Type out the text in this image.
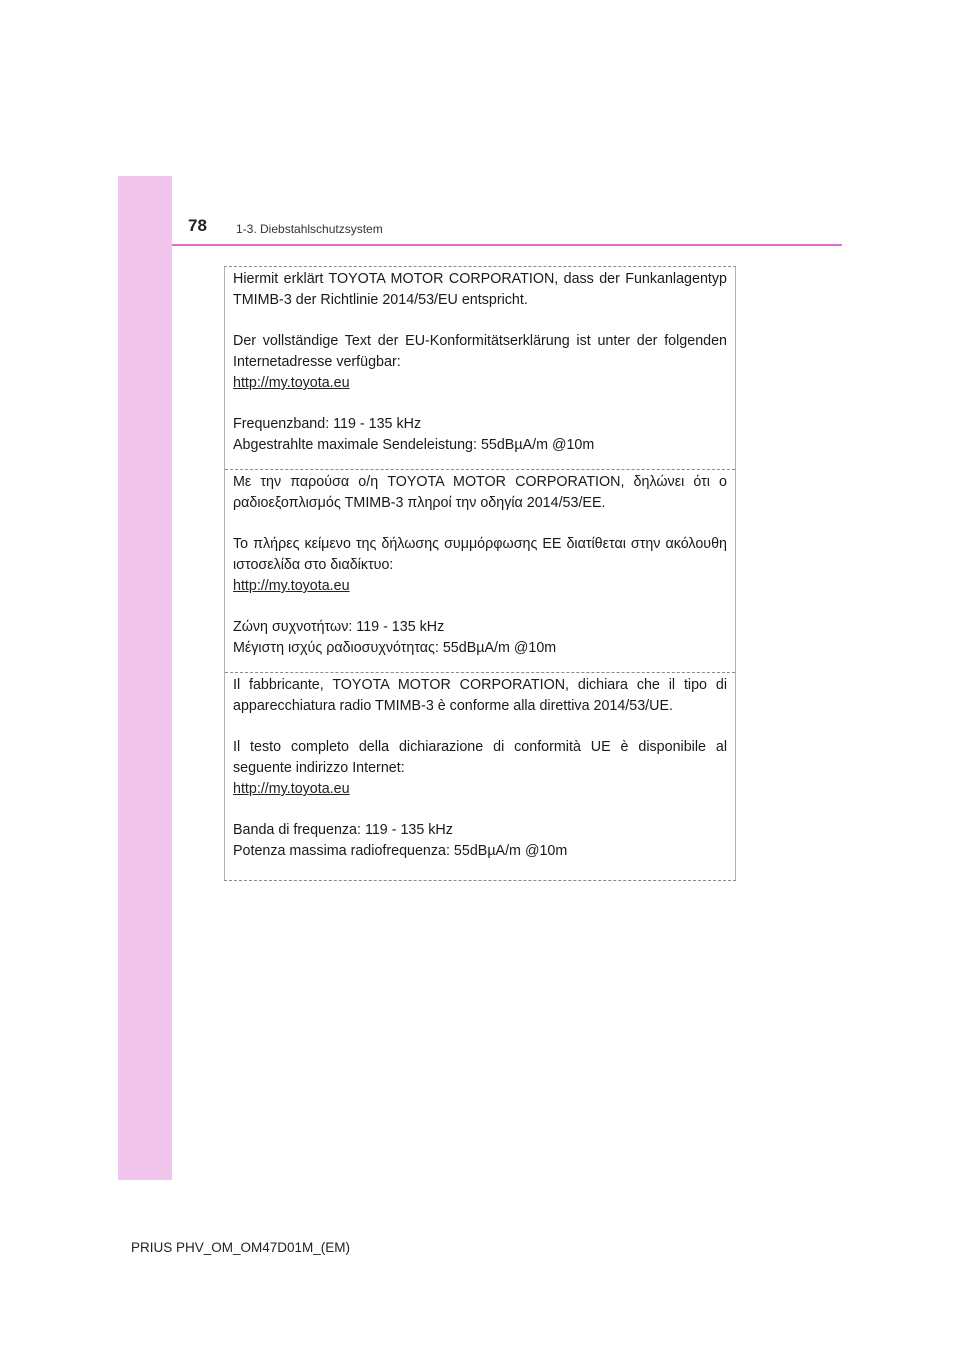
78 1-3. Diebstahlschutzsystem

Hiermit erklärt TOYOTA MOTOR CORPORATION, dass der Funkanlagentyp TMIMB-3 der Richtlinie 2014/53/EU entspricht.

Der vollständige Text der EU-Konformitätserklärung ist unter der folgenden Internetadresse verfügbar:

http://my.toyota.eu

Frequenzband: 119 - 135 kHz

Abgestrahlte maximale Sendeleistung: 55dBµA/m @10m

Με την παρούσα ο/η TOYOTA MOTOR CORPORATION, δηλώνει ότι ο ραδιοεξοπλισμός TMIMB-3 πληροί την οδηγία 2014/53/ΕΕ.

Το πλήρες κείμενο της δήλωσης συμμόρφωσης ΕΕ διατίθεται στην ακόλουθη ιστοσελίδα στο διαδίκτυο:

http://my.toyota.eu

Ζώνη συχνοτήτων: 119 - 135 kHz

Μέγιστη ισχύς ραδιοσυχνότητας: 55dBµA/m @10m

Il fabbricante, TOYOTA MOTOR CORPORATION, dichiara che il tipo di apparecchiatura radio TMIMB-3 è conforme alla direttiva 2014/53/UE.

Il testo completo della dichiarazione di conformità UE è disponibile al seguente indirizzo Internet:

http://my.toyota.eu

Banda di frequenza: 119 - 135 kHz

Potenza massima radiofrequenza: 55dBµA/m @10m

PRIUS PHV_OM_OM47D01M_(EM)
